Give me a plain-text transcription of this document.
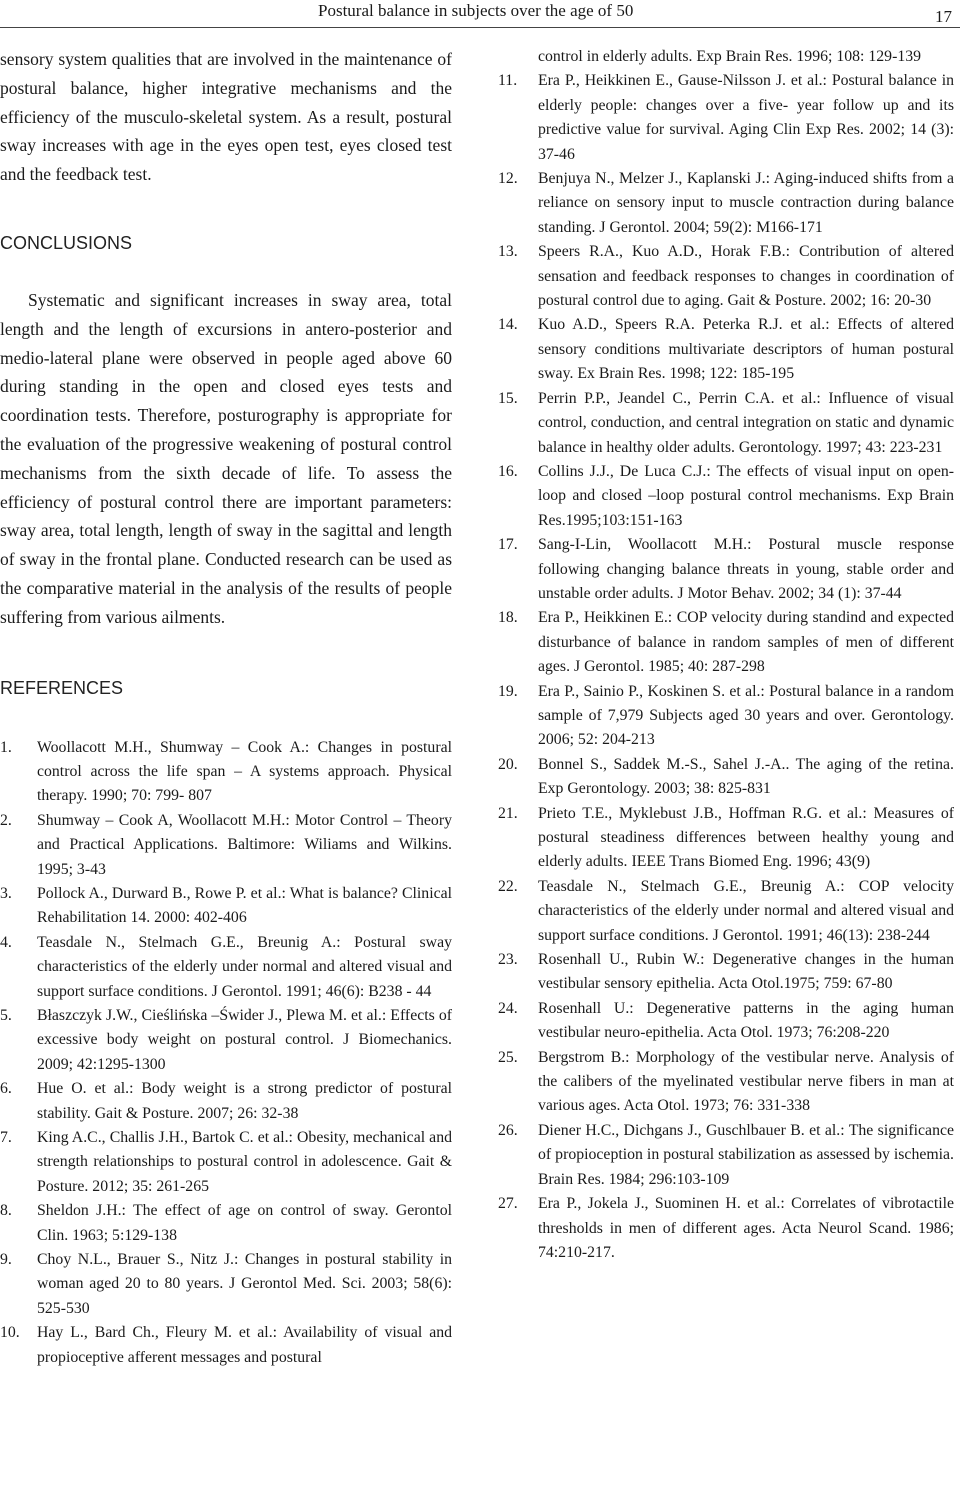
Postural balance in subjects over the age of 50	17

sensory system qualities that are involved in the maintenance of postural balance, higher integrative mechanisms and the efficiency of the musculo-skeletal system. As a result, postural sway increases with age in the eyes open test, eyes closed test and the feedback test.

CONCLUSIONS

Systematic and significant increases in sway area, total length and the length of excursions in antero-posterior and medio-lateral plane were observed in people aged above 60 during standing in the open and closed eyes tests and coordination tests. Therefore, posturography is appropriate for the evaluation of the progressive weakening of postural control mechanisms from the sixth decade of life. To assess the efficiency of postural control there are important parameters: sway area, total length, length of sway in the sagittal and length of sway in the frontal plane. Conducted research can be used as the comparative material in the analysis of the results of people suffering from various ailments.

REFERENCES
1. Woollacott M.H., Shumway – Cook A.: Changes in postural control across the life span – A systems approach. Physical therapy. 1990; 70: 799- 807
2. Shumway – Cook A, Woollacott M.H.: Motor Control – Theory and Practical Applications. Baltimore: Wiliams and Wilkins. 1995; 3-43
3. Pollock A., Durward B., Rowe P. et al.: What is balance? Clinical Rehabilitation 14. 2000: 402-406
4. Teasdale N., Stelmach G.E., Breunig A.: Postural sway characteristics of the elderly under normal and altered visual and support surface conditions. J Gerontol. 1991; 46(6): B238 - 44
5. Błaszczyk J.W., Cieślińska –Świder J., Plewa M. et al.: Effects of excessive body weight on postural control. J Biomechanics. 2009; 42:1295-1300
6. Hue O. et al.: Body weight is a strong predictor of postural stability. Gait & Posture. 2007; 26: 32-38
7. King A.C., Challis J.H., Bartok C. et al.: Obesity, mechanical and strength relationships to postural control in adolescence. Gait & Posture. 2012; 35: 261-265
8. Sheldon J.H.: The effect of age on control of sway. Gerontol Clin. 1963; 5:129-138
9. Choy N.L., Brauer S., Nitz J.: Changes in postural stability in woman aged 20 to 80 years. J Gerontol Med. Sci. 2003; 58(6): 525-530
10. Hay L., Bard Ch., Fleury M. et al.: Availability of visual and propioceptive afferent messages and postural
control in elderly adults. Exp Brain Res. 1996; 108: 129-139
11. Era P., Heikkinen E., Gause-Nilsson J. et al.: Postural balance in elderly people: changes over a five- year follow up and its predictive value for survival. Aging Clin Exp Res. 2002; 14 (3): 37-46
12. Benjuya N., Melzer J., Kaplanski J.: Aging-induced shifts from a reliance on sensory input to muscle contraction during balance standing. J Gerontol. 2004; 59(2): M166-171
13. Speers R.A., Kuo A.D., Horak F.B.: Contribution of altered sensation and feedback responses to changes in coordination of postural control due to aging. Gait & Posture. 2002; 16: 20-30
14. Kuo A.D., Speers R.A. Peterka R.J. et al.: Effects of altered sensory conditions multivariate descriptors of human postural sway. Ex Brain Res. 1998; 122: 185-195
15. Perrin P.P., Jeandel C., Perrin C.A. et al.: Influence of visual control, conduction, and central integration on static and dynamic balance in healthy older adults. Gerontology. 1997; 43: 223-231
16. Collins J.J., De Luca C.J.: The effects of visual input on open-loop and closed –loop postural control mechanisms. Exp Brain Res.1995;103:151-163
17. Sang-I-Lin, Woollacott M.H.: Postural muscle response following changing balance threats in young, stable order and unstable order adults. J Motor Behav. 2002; 34 (1): 37-44
18. Era P., Heikkinen E.: COP velocity during standind and expected disturbance of balance in random samples of men of different ages. J Gerontol. 1985; 40: 287-298
19. Era P., Sainio P., Koskinen S. et al.: Postural balance in a random sample of 7,979 Subjects aged 30 years and over. Gerontology. 2006; 52: 204-213
20. Bonnel S., Saddek M.-S., Sahel J.-A.. The aging of the retina. Exp Gerontology. 2003; 38: 825-831
21. Prieto T.E., Myklebust J.B., Hoffman R.G. et al.: Measures of postural steadiness differences between healthy young and elderly adults. IEEE Trans Biomed Eng. 1996; 43(9)
22. Teasdale N., Stelmach G.E., Breunig A.: COP velocity characteristics of the elderly under normal and altered visual and support surface conditions. J Gerontol. 1991; 46(13): 238-244
23. Rosenhall U., Rubin W.: Degenerative changes in the human vestibular sensory epithelia. Acta Otol.1975; 759: 67-80
24. Rosenhall U.: Degenerative patterns in the aging human vestibular neuro-epithelia. Acta Otol. 1973; 76:208-220
25. Bergstrom B.: Morphology of the vestibular nerve. Analysis of the calibers of the myelinated vestibular nerve fibers in man at various ages. Acta Otol. 1973; 76: 331-338
26. Diener H.C., Dichgans J., Guschlbauer B. et al.: The significance of propioception in postural stabilization as assessed by ischemia. Brain Res. 1984; 296:103-109
27. Era P., Jokela J., Suominen H. et al.: Correlates of vibrotactile thresholds in men of different ages. Acta Neurol Scand. 1986; 74:210-217.
